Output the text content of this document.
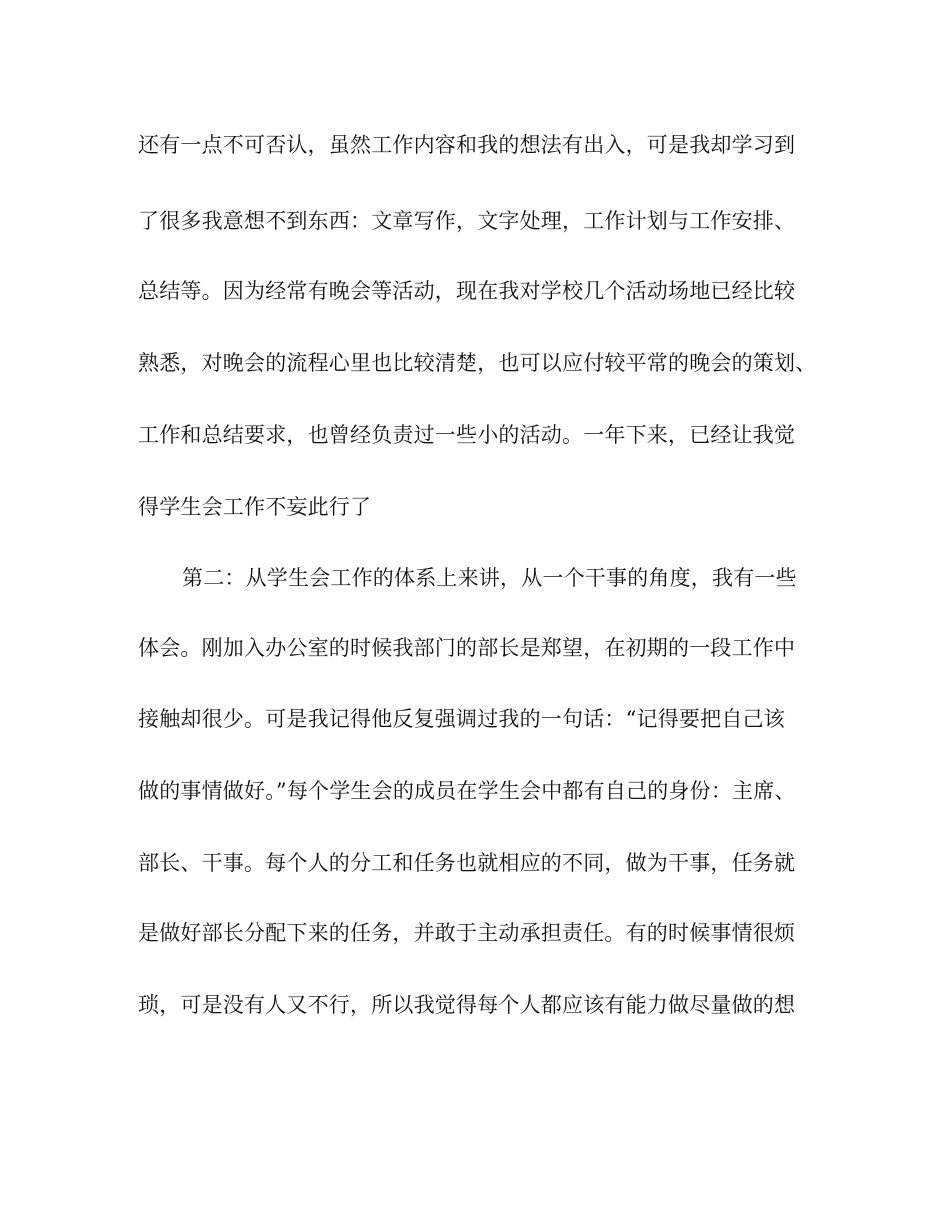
还有一点不可否认，虽然工作内容和我的想法有出入，可是我却学习到
了很多我意想不到东西：文章写作，文字处理，工作计划与工作安排、
总结等。因为经常有晚会等活动，现在我对学校几个活动场地已经比较
熟悉，对晚会的流程心里也比较清楚，也可以应付较平常的晚会的策划、
工作和总结要求，也曾经负责过一些小的活动。一年下来，已经让我觉
得学生会工作不妄此行了
第二：从学生会工作的体系上来讲，从一个干事的角度，我有一些
体会。刚加入办公室的时候我部门的部长是郑望，在初期的一段工作中
接触却很少。可是我记得他反复强调过我的一句话：“记得要把自己该
做的事情做好。”每个学生会的成员在学生会中都有自己的身份：主席、
部长、干事。每个人的分工和任务也就相应的不同，做为干事，任务就
是做好部长分配下来的任务，并敢于主动承担责任。有的时候事情很烦
琐，可是没有人又不行，所以我觉得每个人都应该有能力做尽量做的想
